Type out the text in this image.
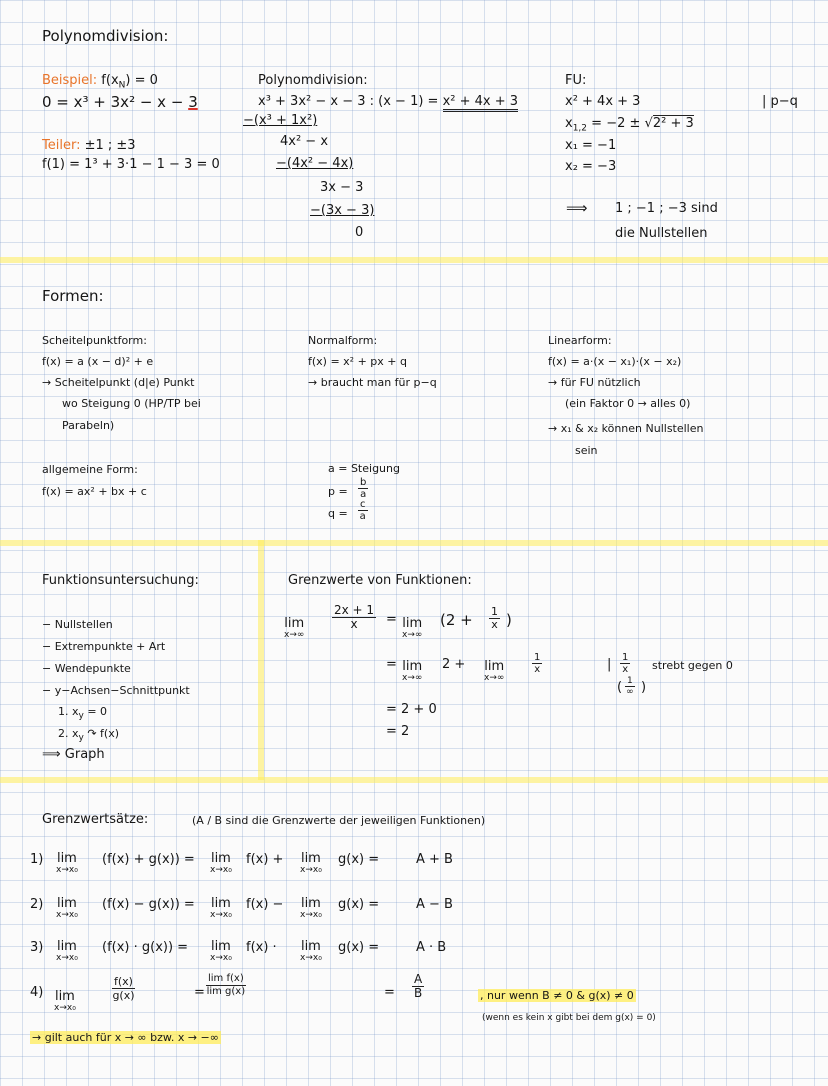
Polynomdivision:
Beispiel: $f(x_N) = 0$
0 = x³ + 3x² − x − 3
Teiler: ±1 ; ±3
f(1) = 1³ + 3·1 − 1 − 3 = 0
Polynomdivision:
x³ + 3x² − x − 3 : (x − 1) = x² + 4x + 3
−(x³ + 1x²)
4x² − x
−(4x² − 4x)
3x − 3
−(3x − 3)
0
FU:
x² + 4x + 3	| p−q
$x_{1,2} = -2 \pm √2^2 + 3$
x₁ = −1
x₂ = −3
⟹ 1 ; −1 ; −3 sind
die Nullstellen
Formen:
Scheitelpunktform:
f(x) = a (x − d)² + e
→ Scheitelpunkt (d|e) Punkt
wo Steigung 0 (HP/TP bei
Parabeln)
Normalform:
f(x) = x² + px + q
→ braucht man für p−q
Linearform:
f(x) = a·(x − x₁)·(x − x₂)
→ für FU nützlich
(ein Faktor 0 → alles 0)
→ x₁ & x₂ können Nullstellen
sein
allgemeine Form:
f(x) = ax² + bx + c
a = Steigung
$p = \frac{b}{a}$
$q = \frac{c}{a}$
Funktionsuntersuchung:
− Nullstellen
− Extrempunkte + Art
− Wendepunkte
− y−Achsen−Schnittpunkt
1. $x_y = 0$
2. $x_y$ ↷ f(x)
⟹ Graph
Grenzwerte von Funktionen:
lim
x→∞
$\frac{2x + 1}{x} = \lim$
x→∞
($2 + \frac{1}{x}$ )
= lim
x→∞
2 + lim
x→∞
$\frac{1}{x}$	| $\frac{1}{x}$ strebt gegen 0
( 1
∞ )
= 2 + 0
= 2
Grenzwertsätze:	(A / B sind die Grenzwerte der jeweiligen Funktionen)
1) lim
x→x₀
(f(x) + g(x)) = lim
x→x₀
f(x) + lim
x→x₀
g(x) =	A + B
2) lim
x→x₀
(f(x) − g(x)) = lim
x→x₀
f(x) − lim
x→x₀
g(x) =	A − B
3) lim
x→x₀
(f(x) · g(x)) = lim
x→x₀
f(x) · lim
x→x₀
g(x) =	A · B
4) lim
x→x₀
$\frac{f(x)}{g(x)}$	= $\frac{\text{lim f(x)}}{\text{lim g(x)}}$	= $\frac{A}{B}$	, nur wenn B ≠ 0 & g(x) ≠ 0
(wenn es kein x gibt bei dem g(x) = 0)
→ gilt auch für x → ∞ bzw. x → −∞
